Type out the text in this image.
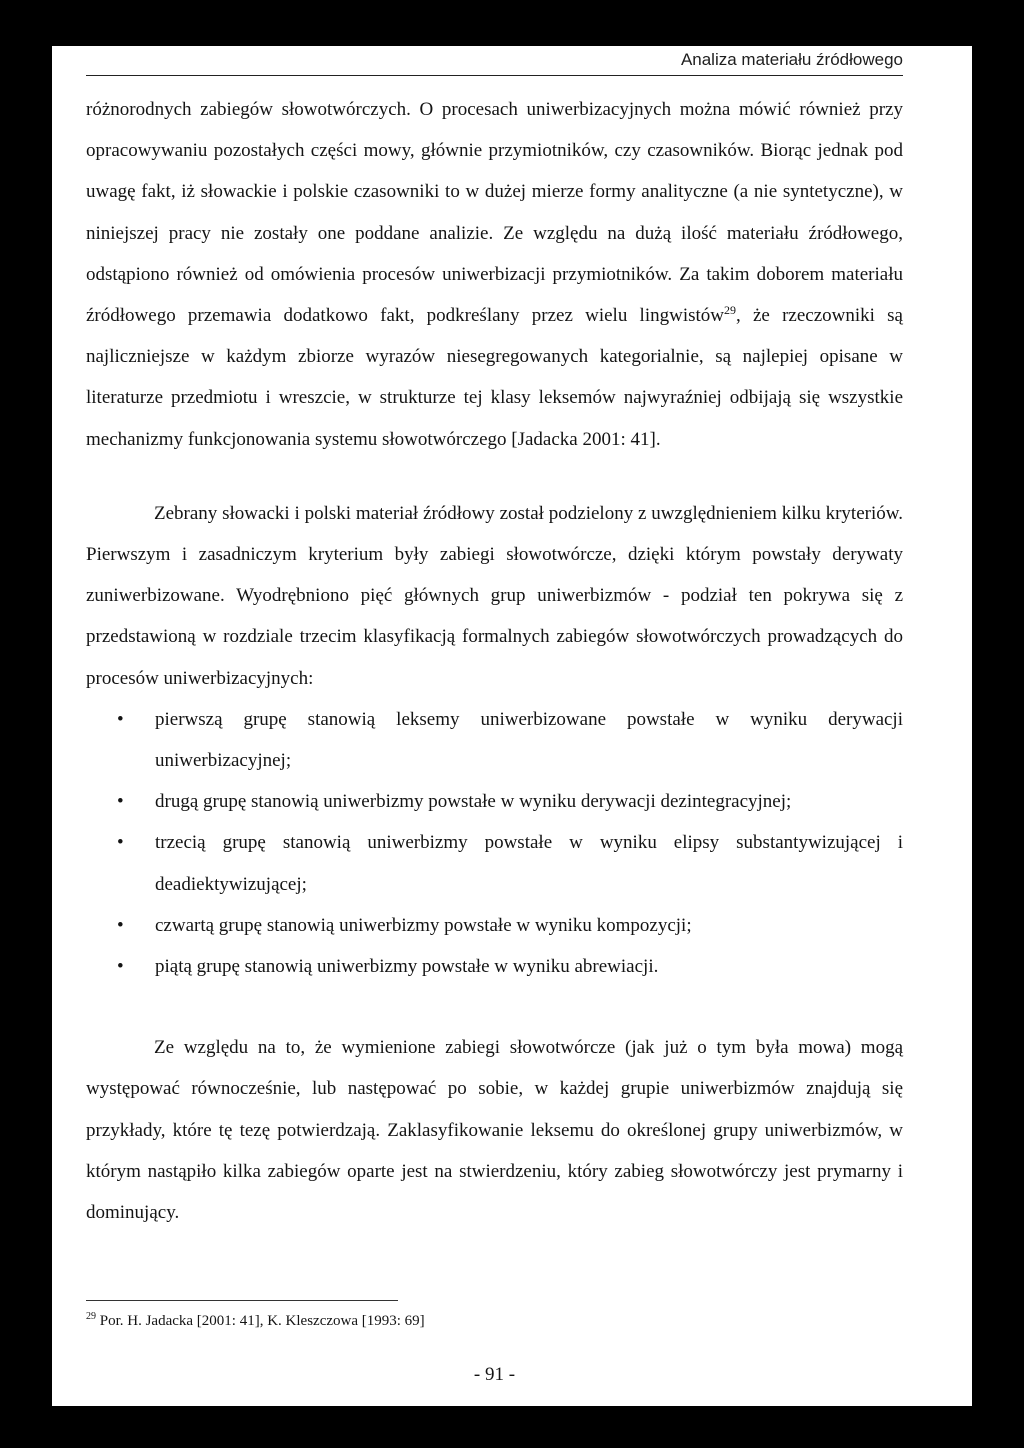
Analiza materiału źródłowego

różnorodnych zabiegów słowotwórczych. O procesach uniwerbizacyjnych można mówić również przy opracowywaniu pozostałych części mowy, głównie przymiotników, czy czasowników. Biorąc jednak pod uwagę fakt, iż słowackie i polskie czasowniki to w dużej mierze formy analityczne (a nie syntetyczne), w niniejszej pracy nie zostały one poddane analizie. Ze względu na dużą ilość materiału źródłowego, odstąpiono również od omówienia procesów uniwerbizacji przymiotników. Za takim doborem materiału źródłowego przemawia dodatkowo fakt, podkreślany przez wielu lingwistów$^{29}$, że rzeczowniki są najliczniejsze w każdym zbiorze wyrazów niesegregowanych kategorialnie, są najlepiej opisane w literaturze przedmiotu i wreszcie, w strukturze tej klasy leksemów najwyraźniej odbijają się wszystkie mechanizmy funkcjonowania systemu słowotwórczego [Jadacka 2001: 41].

Zebrany słowacki i polski materiał źródłowy został podzielony z uwzględnieniem kilku kryteriów. Pierwszym i zasadniczym kryterium były zabiegi słowotwórcze, dzięki którym powstały derywaty zuniwerbizowane. Wyodrębniono pięć głównych grup uniwerbizmów - podział ten pokrywa się z przedstawioną w rozdziale trzecim klasyfikacją formalnych zabiegów słowotwórczych prowadzących do procesów uniwerbizacyjnych:

• pierwszą grupę stanowią leksemy uniwerbizowane powstałe w wyniku derywacji uniwerbizacyjnej;
• drugą grupę stanowią uniwerbizmy powstałe w wyniku derywacji dezintegracyjnej;
• trzecią grupę stanowią uniwerbizmy powstałe w wyniku elipsy substantywizującej i deadiektywizującej;
• czwartą grupę stanowią uniwerbizmy powstałe w wyniku kompozycji;
• piątą grupę stanowią uniwerbizmy powstałe w wyniku abrewiacji.

Ze względu na to, że wymienione zabiegi słowotwórcze (jak już o tym była mowa) mogą występować równocześnie, lub następować po sobie, w każdej grupie uniwerbizmów znajdują się przykłady, które tę tezę potwierdzają. Zaklasyfikowanie leksemu do określonej grupy uniwerbizmów, w którym nastąpiło kilka zabiegów oparte jest na stwierdzeniu, który zabieg słowotwórczy jest prymarny i dominujący.

$^{29}$ Por. H. Jadacka [2001: 41], K. Kleszczowa [1993: 69]
- 91 -
